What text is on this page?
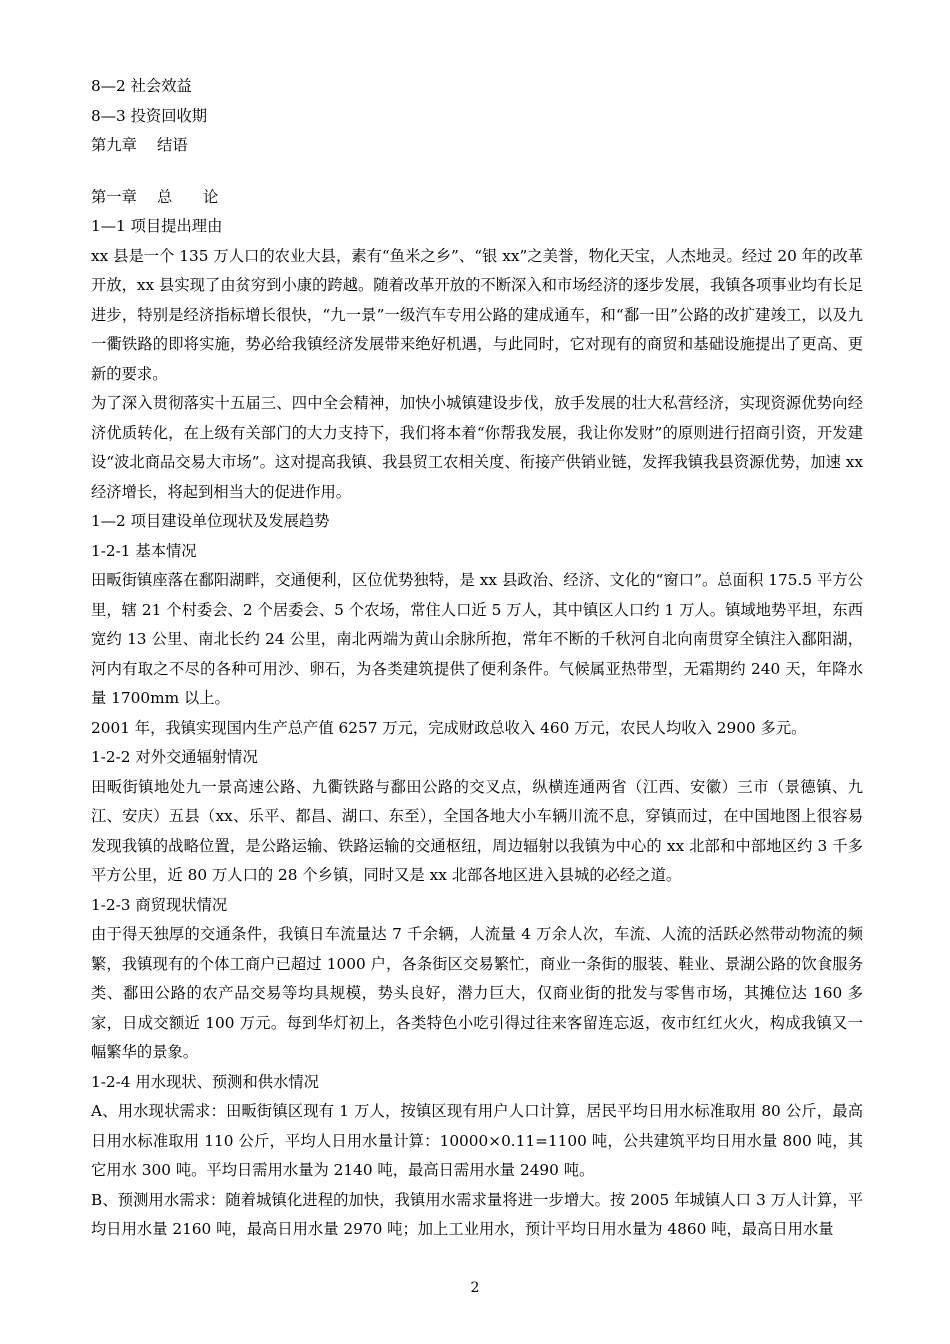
8—2 社会效益

8—3 投资回收期

第九章　 结语

第一章　 总　　论

1—1 项目提出理由

xx 县是一个 135 万人口的农业大县，素有“鱼米之乡”、“银 xx”之美誉，物化天宝，人杰地灵。经过 20 年的改革开放，xx 县实现了由贫穷到小康的跨越。随着改革开放的不断深入和市场经济的逐步发展，我镇各项事业均有长足进步，特别是经济指标增长很快，“九一景”一级汽车专用公路的建成通车，和“鄱一田”公路的改扩建竣工，以及九一衢铁路的即将实施，势必给我镇经济发展带来绝好机遇，与此同时，它对现有的商贸和基础设施提出了更高、更新的要求。

为了深入贯彻落实十五届三、四中全会精神，加快小城镇建设步伐，放手发展的壮大私营经济，实现资源优势向经济优质转化，在上级有关部门的大力支持下，我们将本着“你帮我发展，我让你发财”的原则进行招商引资，开发建设“波北商品交易大市场”。这对提高我镇、我县贸工农相关度、衔接产供销业链，发挥我镇我县资源优势，加速 xx 经济增长，将起到相当大的促进作用。

1—2 项目建设单位现状及发展趋势

1-2-1 基本情况

田畈街镇座落在鄱阳湖畔，交通便利，区位优势独特，是 xx 县政治、经济、文化的“窗口”。总面积 175.5 平方公里，辖 21 个村委会、2 个居委会、5 个农场，常住人口近 5 万人，其中镇区人口约 1 万人。镇域地势平坦，东西宽约 13 公里、南北长约 24 公里，南北两端为黄山余脉所抱，常年不断的千秋河自北向南贯穿全镇注入鄱阳湖，河内有取之不尽的各种可用沙、卵石，为各类建筑提供了便利条件。气候属亚热带型，无霜期约 240 天，年降水量 1700mm 以上。

2001 年，我镇实现国内生产总产值 6257 万元，完成财政总收入 460 万元，农民人均收入 2900 多元。

1-2-2 对外交通辐射情况

田畈街镇地处九一景高速公路、九衢铁路与鄱田公路的交叉点，纵横连通两省（江西、安徽）三市（景德镇、九江、安庆）五县（xx、乐平、都昌、湖口、东至），全国各地大小车辆川流不息，穿镇而过，在中国地图上很容易发现我镇的战略位置，是公路运输、铁路运输的交通枢纽，周边辐射以我镇为中心的 xx 北部和中部地区约 3 千多平方公里，近 80 万人口的 28 个乡镇，同时又是 xx 北部各地区进入县城的必经之道。

1-2-3 商贸现状情况

由于得天独厚的交通条件，我镇日车流量达 7 千余辆，人流量 4 万余人次，车流、人流的活跃必然带动物流的频繁，我镇现有的个体工商户已超过 1000 户，各条街区交易繁忙，商业一条街的服装、鞋业、景湖公路的饮食服务类、鄱田公路的农产品交易等均具规模，势头良好，潜力巨大，仅商业街的批发与零售市场，其摊位达 160 多家，日成交额近 100 万元。每到华灯初上，各类特色小吃引得过往来客留连忘返，夜市红红火火，构成我镇又一幅繁华的景象。

1-2-4 用水现状、预测和供水情况

A、用水现状需求：田畈街镇区现有 1 万人，按镇区现有用户人口计算，居民平均日用水标准取用 80 公斤，最高日用水标准取用 110 公斤，平均人日用水量计算：10000×0.11=1100 吨，公共建筑平均日用水量 800 吨，其它用水 300 吨。平均日需用水量为 2140 吨，最高日需用水量 2490 吨。

B、预测用水需求：随着城镇化进程的加快，我镇用水需求量将进一步增大。按 2005 年城镇人口 3 万人计算，平均日用水量 2160 吨，最高日用水量 2970 吨；加上工业用水，预计平均日用水量为 4860 吨，最高日用水量

2
